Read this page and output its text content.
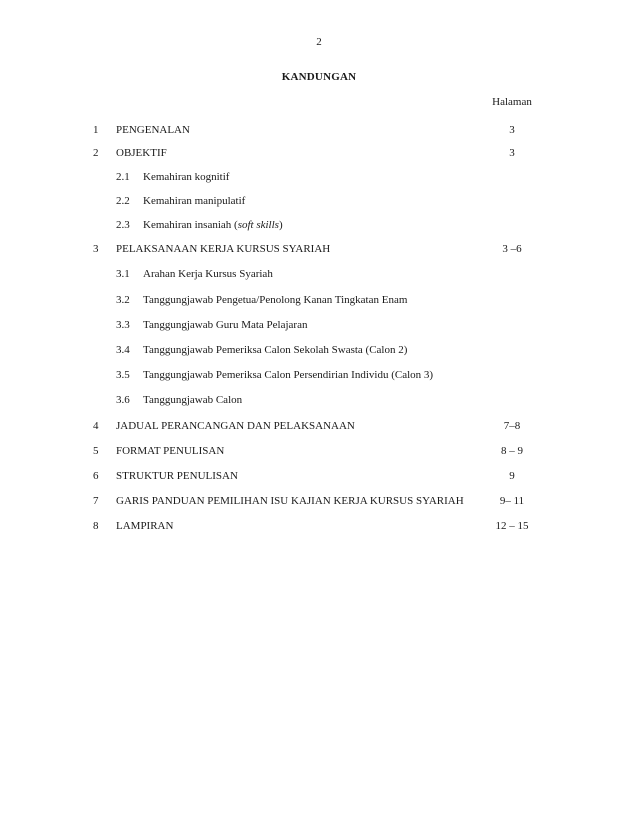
2
KANDUNGAN
Halaman
1 PENGENALAN	3
2 OBJEKTIF	3
2.1 Kemahiran kognitif
2.2 Kemahiran manipulatif
2.3 Kemahiran insaniah (soft skills)
3 PELAKSANAAN KERJA KURSUS SYARIAH	3 –6
3.1 Arahan Kerja Kursus Syariah
3.2 Tanggungjawab Pengetua/Penolong Kanan Tingkatan Enam
3.3 Tanggungjawab Guru Mata Pelajaran
3.4 Tanggungjawab Pemeriksa Calon Sekolah Swasta (Calon 2)
3.5 Tanggungjawab Pemeriksa Calon Persendirian Individu (Calon 3)
3.6 Tanggungjawab Calon
4 JADUAL PERANCANGAN DAN PELAKSANAAN	7–8
5 FORMAT PENULISAN	8 – 9
6 STRUKTUR PENULISAN	9
7 GARIS PANDUAN PEMILIHAN ISU KAJIAN KERJA KURSUS SYARIAH	9– 11
8 LAMPIRAN	12 – 15
